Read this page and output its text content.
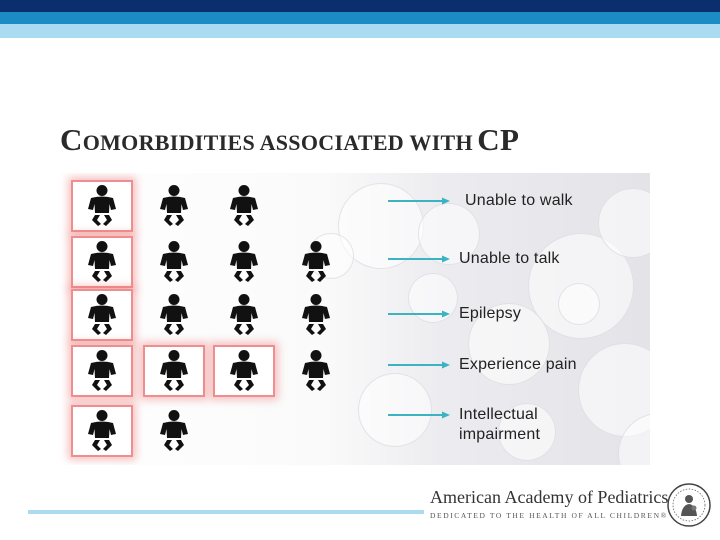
COMORBIDITIES ASSOCIATED WITH CP
Unable to walk
Unable to talk
Epilepsy
Experience pain
Intellectual
impairment
American Academy of Pediatrics
DEDICATED TO THE HEALTH OF ALL CHILDREN®
